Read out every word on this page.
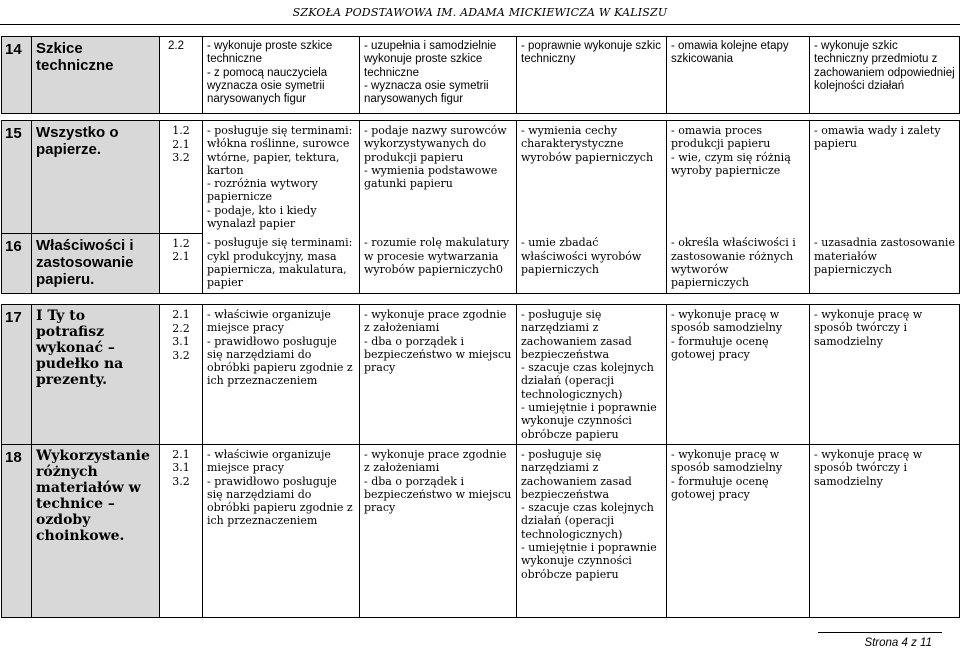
SZKOŁA PODSTAWOWA IM. ADAMA MICKIEWICZA W KALISZU
14	Szkice techniczne	2.2	- wykonuje proste szkice techniczne
- z pomocą nauczyciela wyznacza osie symetrii narysowanych figur	- uzupełnia i samodzielnie wykonuje proste szkice techniczne
- wyznacza osie symetrii narysowanych figur	- poprawnie wykonuje szkic techniczny	- omawia kolejne etapy szkicowania	- wykonuje szkic techniczny przedmiotu z zachowaniem odpowiedniej kolejności działań
15	Wszystko o papierze.	1.2
2.1
3.2	- posługuje się terminami: włókna roślinne, surowce wtórne, papier, tektura, karton
- rozróżnia wytwory papiernicze
- podaje, kto i kiedy wynalazł papier	- podaje nazwy surowców wykorzystywanych do produkcji papieru
- wymienia podstawowe gatunki papieru	- wymienia cechy charakterystyczne wyrobów papierniczych	- omawia proces produkcji papieru
- wie, czym się różnią wyroby papiernicze	- omawia wady i zalety papieru
16	Właściwości i zastosowanie papieru.	1.2
2.1	- posługuje się terminami: cykl produkcyjny, masa papiernicza, makulatura, papier	- rozumie rolę makulatury w procesie wytwarzania wyrobów papierniczych0	- umie zbadać właściwości wyrobów papierniczych	- określa właściwości i zastosowanie różnych wytworów papierniczych	- uzasadnia zastosowanie materiałów papierniczych
17	I Ty to potrafisz wykonać – pudełko na prezenty.	2.1
2.2
3.1
3.2	- właściwie organizuje miejsce pracy
- prawidłowo posługuje się narzędziami do obróbki papieru zgodnie z ich przeznaczeniem	- wykonuje prace zgodnie z założeniami
- dba o porządek i bezpieczeństwo w miejscu pracy	- posługuje się narzędziami z zachowaniem zasad bezpieczeństwa
- szacuje czas kolejnych działań (operacji technologicznych)
- umiejętnie i poprawnie wykonuje czynności obróbcze papieru	- wykonuje pracę w sposób samodzielny
- formułuje ocenę gotowej pracy	- wykonuje pracę w sposób twórczy i samodzielny
18	Wykorzystanie różnych materiałów w technice – ozdoby choinkowe.	2.1
3.1
3.2	- właściwie organizuje miejsce pracy
- prawidłowo posługuje się narzędziami do obróbki papieru zgodnie z ich przeznaczeniem	- wykonuje prace zgodnie z założeniami
- dba o porządek i bezpieczeństwo w miejscu pracy	- posługuje się narzędziami z zachowaniem zasad bezpieczeństwa
- szacuje czas kolejnych działań (operacji technologicznych)
- umiejętnie i poprawnie wykonuje czynności obróbcze papieru	- wykonuje pracę w sposób samodzielny
- formułuje ocenę gotowej pracy	- wykonuje pracę w sposób twórczy i samodzielny
Strona 4 z 11
